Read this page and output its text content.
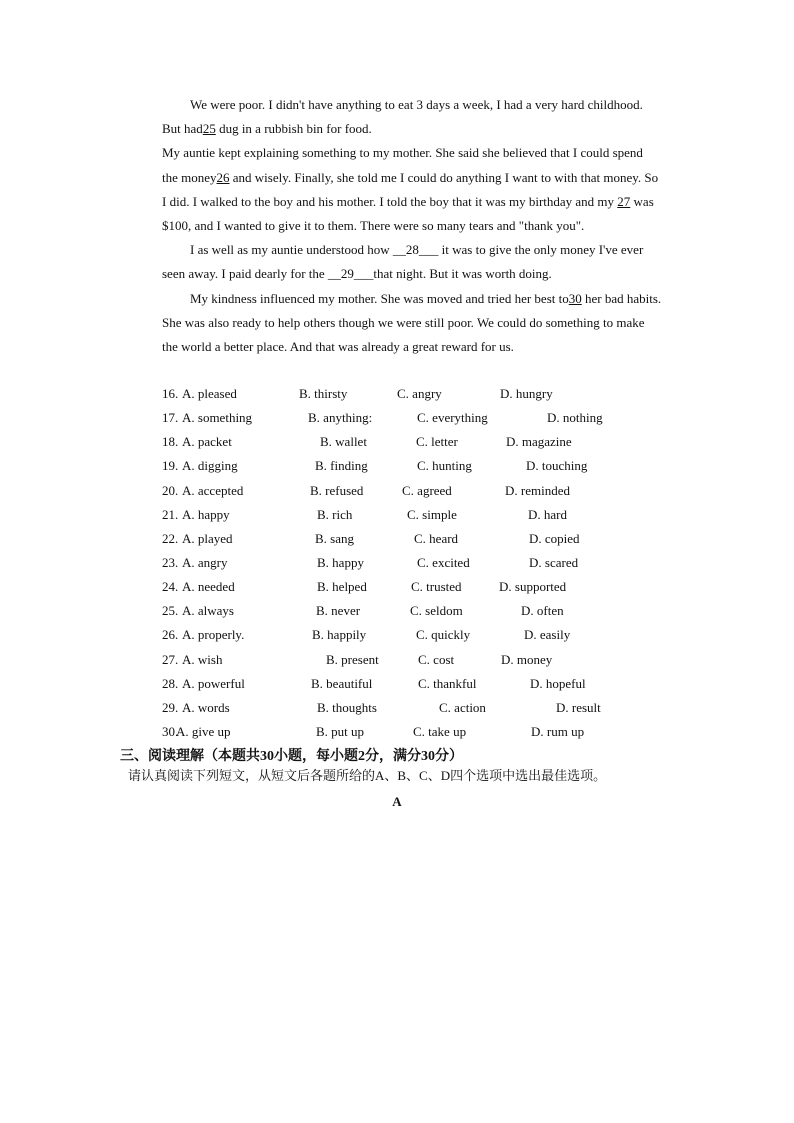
We were poor. I didn't have anything to eat 3 days a week, I had a very hard childhood. But had25 dug in a rubbish bin for food.

My auntie kept explaining something to my mother. She said she believed that I could spend the money26 and wisely. Finally, she told me I could do anything I want to with that money. So I did. I walked to the boy and his mother. I told the boy that it was my birthday and my 27 was $100, and I wanted to give it to them. There were so many tears and "thank you".

I as well as my auntie understood how __28___ it was to give the only money I've ever seen away. I paid dearly for the __29___that night. But it was worth doing.

My kindness influenced my mother. She was moved and tried her best to30 her bad habits. She was also ready to help others though we were still poor. We could do something to make the world a better place. And that was already a great reward for us.

16. A. pleased	B. thirsty	C. angry	D. hungry
17. A. something	B. anything:	C. everything	D. nothing
18. A. packet	B. wallet	C. letter	D. magazine
19. A. digging	B. finding	C. hunting	D. touching
20. A. accepted	B. refused	C. agreed	D. reminded
21. A. happy	B. rich	C. simple	D. hard
22. A. played	B. sang	C. heard	D. copied
23. A. angry	B. happy	C. excited	D. scared
24. A. needed	B. helped	C. trusted	D. supported
25. A. always	B. never	C. seldom	D. often
26. A. properly.	B. happily	C. quickly	D. easily
27. A. wish	B. present	C. cost	D. money
28. A. powerful	B. beautiful	C. thankful	D. hopeful
29. A. words	B. thoughts	C. action	D. result
30.
A. give up	B. put up	C. take up	D. rum up
三、阅读理解（本题共30小题，每小题2分，满分30分）
请认真阅读下列短文，从短文后各题所给的A、B、C、D四个选项中选出最佳选项。
A
